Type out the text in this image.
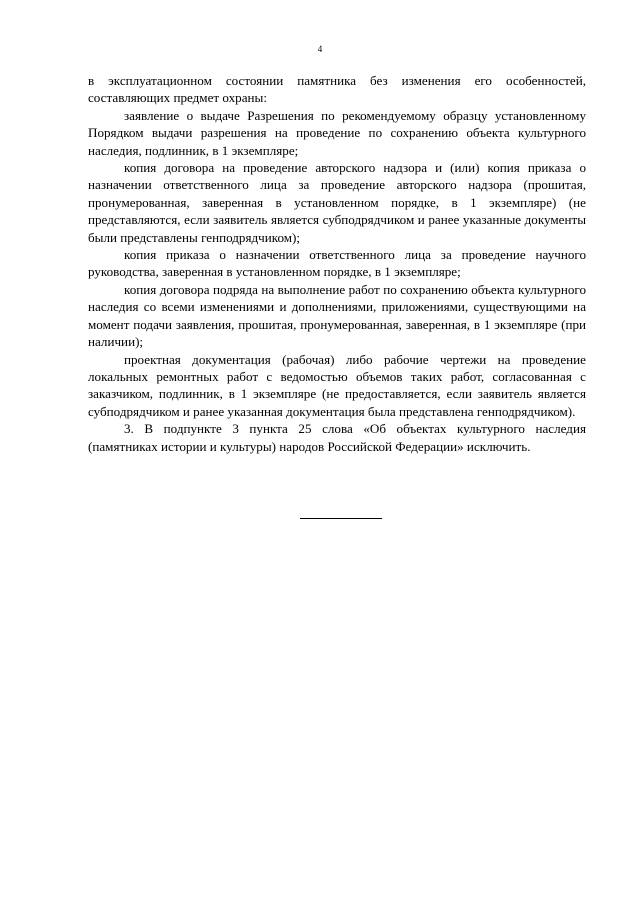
4

в эксплуатационном состоянии памятника без изменения его особенностей, составляющих предмет охраны:

заявление о выдаче Разрешения по рекомендуемому образцу установленному Порядком выдачи разрешения на проведение по сохранению объекта культурного наследия, подлинник, в 1 экземпляре;

копия договора на проведение авторского надзора и (или) копия приказа о назначении ответственного лица за проведение авторского надзора (прошитая, пронумерованная, заверенная в установленном порядке, в 1 экземпляре) (не представляются, если заявитель является субподрядчиком и ранее указанные документы были представлены генподрядчиком);

копия приказа о назначении ответственного лица за проведение научного руководства, заверенная в установленном порядке, в 1 экземпляре;

копия договора подряда на выполнение работ по сохранению объекта культурного наследия со всеми изменениями и дополнениями, приложениями, существующими на момент подачи заявления, прошитая, пронумерованная, заверенная, в 1 экземпляре (при наличии);

проектная документация (рабочая) либо рабочие чертежи на проведение локальных ремонтных работ с ведомостью объемов таких работ, согласованная с заказчиком, подлинник, в 1 экземпляре (не предоставляется, если заявитель является субподрядчиком и ранее указанная документация была представлена генподрядчиком).

3. В подпункте 3 пункта 25 слова «Об объектах культурного наследия (памятниках истории и культуры) народов Российской Федерации» исключить.
